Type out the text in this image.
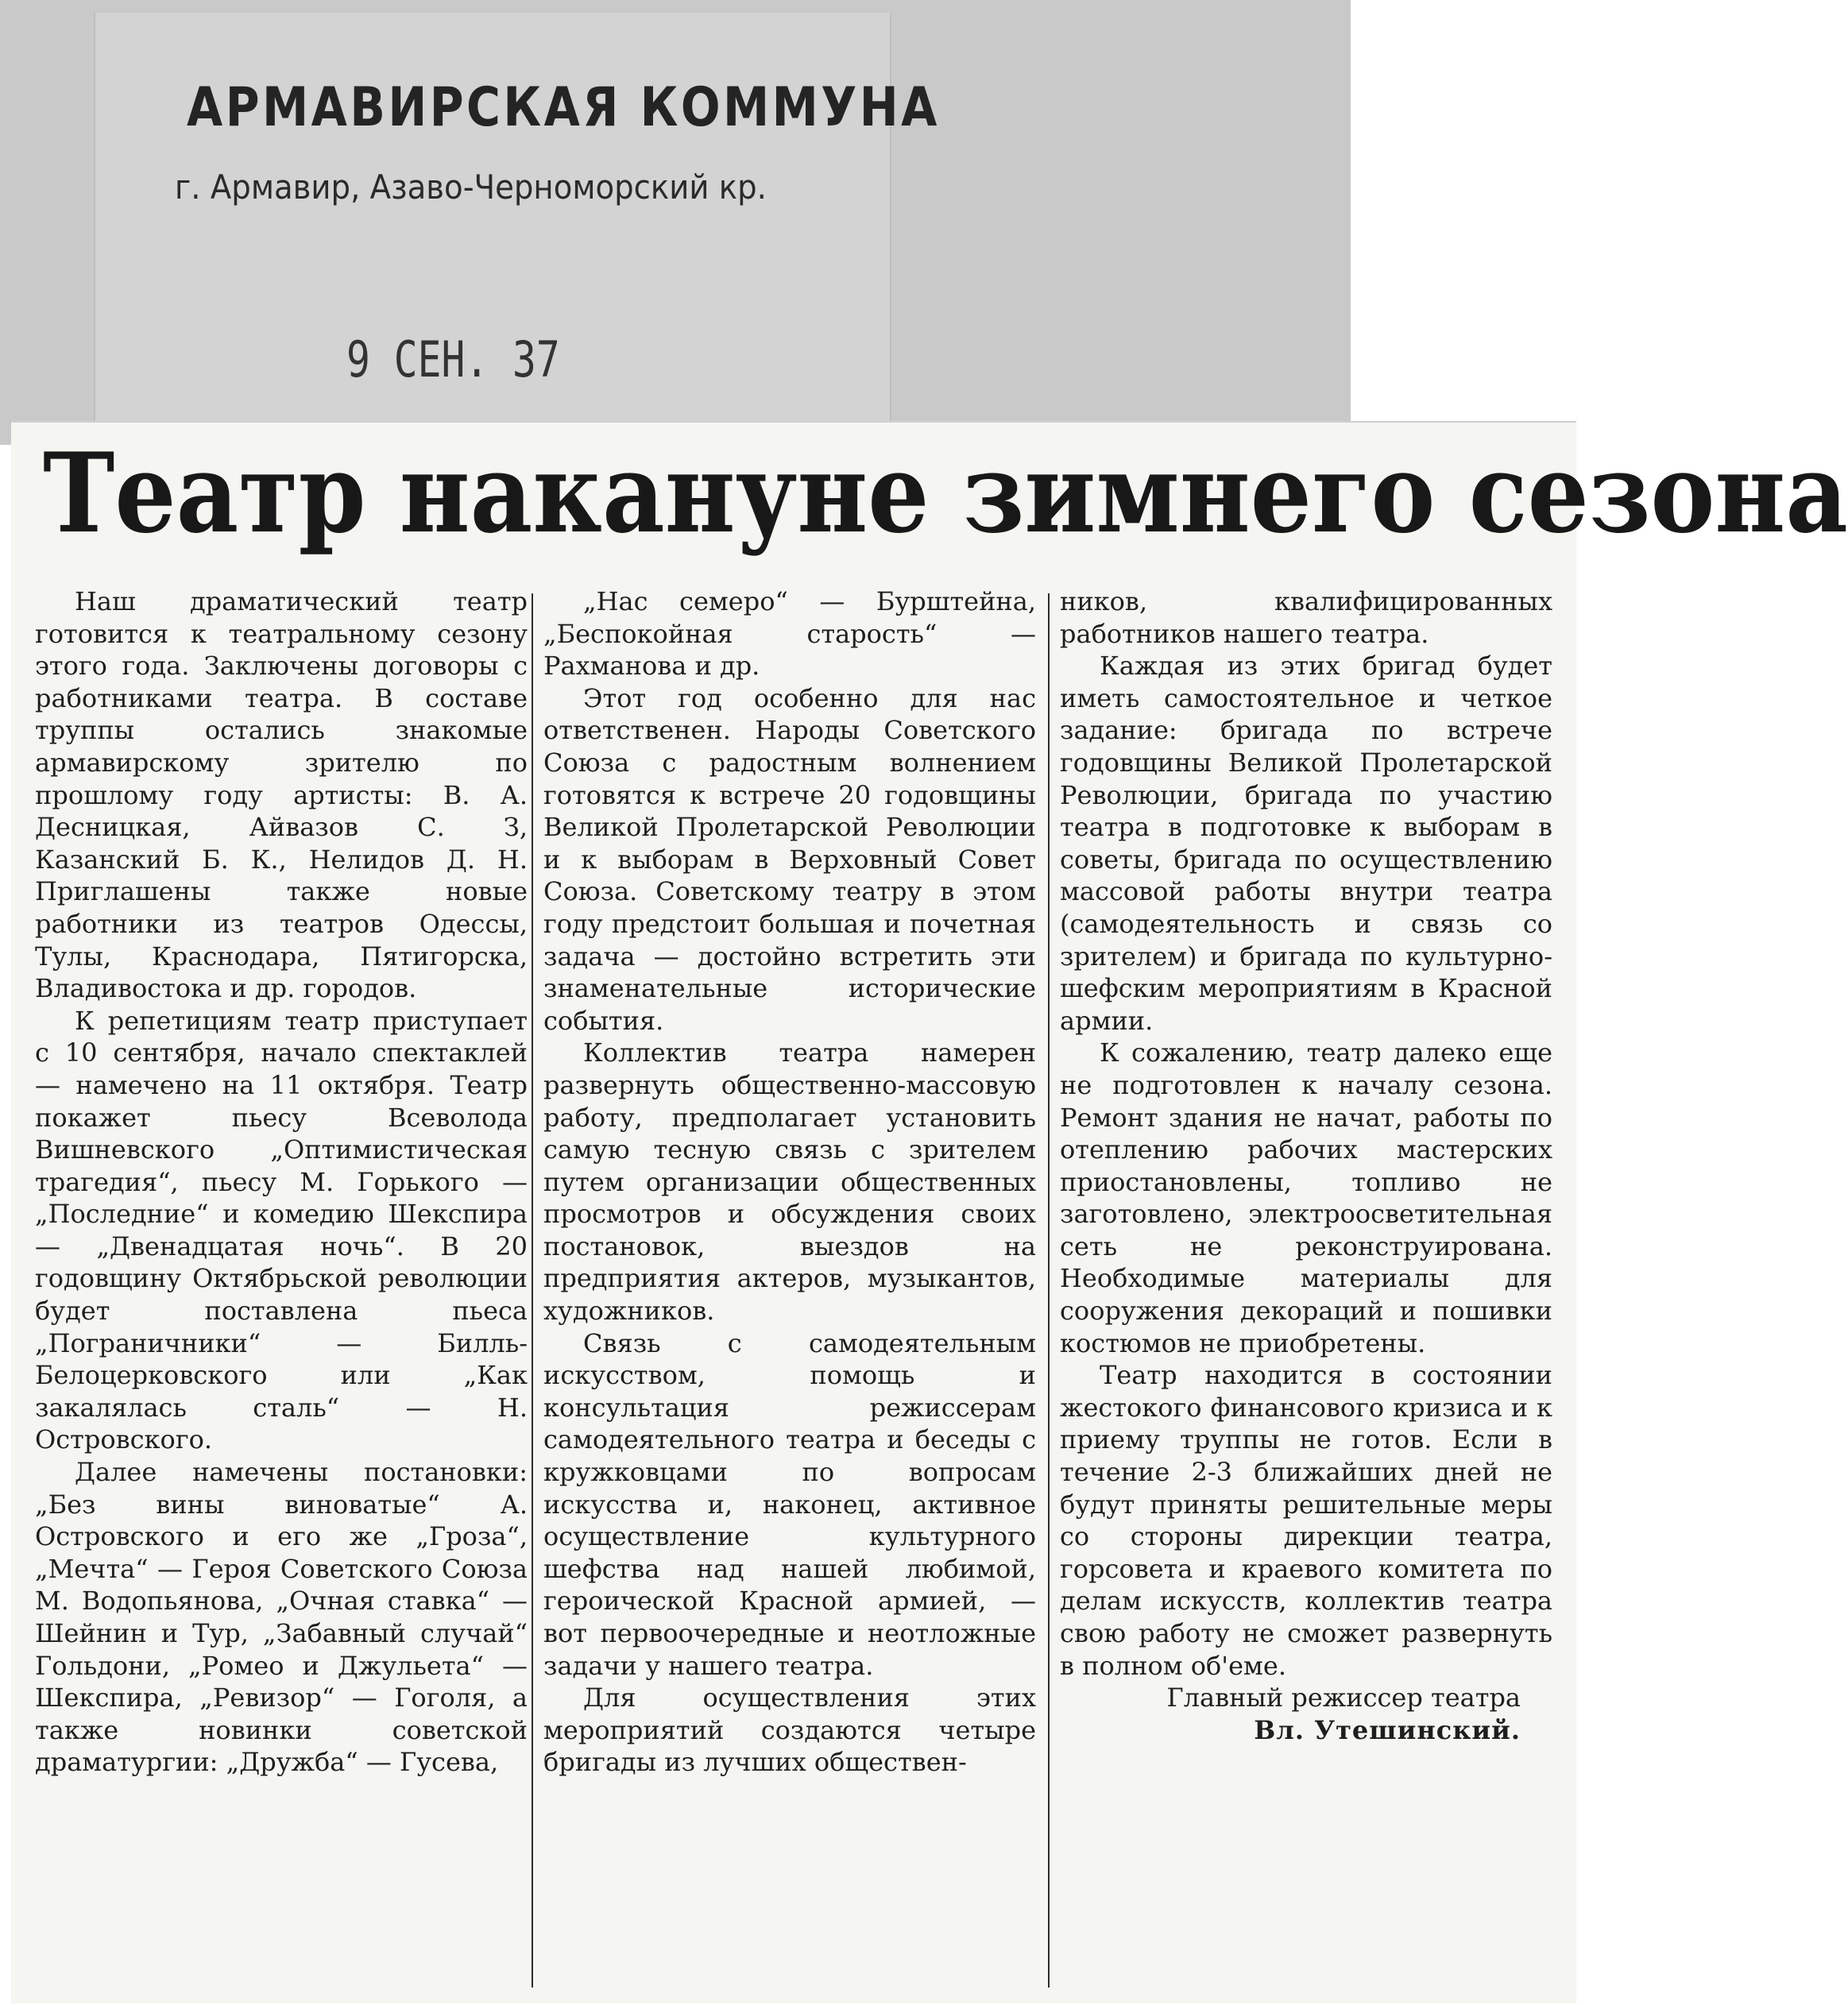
АРМАВИРСКАЯ КОММУНА
г. Армавир, Азаво-Черноморский кр.
9 СЕН. 37
Театр накануне зимнего сезона

Наш драматический театр готовится к театральному сезону этого года. Заключены договоры с работниками театра. В составе труппы остались знакомые армавирскому зрителю по прошлому году артисты: В. А. Десницкая, Айвазов С. З, Казанский Б. К., Нелидов Д. Н. Приглашены также новые работники из театров Одессы, Тулы, Краснодара, Пятигорска, Владивостока и др. городов.

К репетициям театр приступает с 10 сентября, начало спектаклей — намечено на 11 октября. Театр покажет пьесу Всеволода Вишневского „Оптимистическая трагедия“, пьесу М. Горького — „Последние“ и комедию Шекспира — „Двенадцатая ночь“. В 20 годовщину Октябрьской революции будет поставлена пьеса „Пограничники“ — Билль-Белоцерковского или „Как закалялась сталь“ — Н. Островского.

Далее намечены постановки: „Без вины виноватые“ А. Островского и его же „Гроза“, „Мечта“ — Героя Советского Союза М. Водопьянова, „Очная ставка“ — Шейнин и Тур, „Забавный случай“ Гольдони, „Ромео и Джульета“ — Шекспира, „Ревизор“ — Гоголя, а также новинки советской драматургии: „Дружба“ — Гусева,

„Нас семеро“ — Бурштейна, „Беспокойная старость“ — Рахманова и др.

Этот год особенно для нас ответственен. Народы Советского Союза с радостным волнением готовятся к встрече 20 годовщины Великой Пролетарской Революции и к выборам в Верховный Совет Союза. Советскому театру в этом году предстоит большая и почетная задача — достойно встретить эти знаменательные исторические события.

Коллектив театра намерен развернуть общественно-массовую работу, предполагает установить самую тесную связь с зрителем путем организации общественных просмотров и обсуждения своих постановок, выездов на предприятия актеров, музыкантов, художников.

Связь с самодеятельным искусством, помощь и консультация режиссерам самодеятельного театра и беседы с кружковцами по вопросам искусства и, наконец, активное осуществление культурного шефства над нашей любимой, героической Красной армией, — вот первоочередные и неотложные задачи у нашего театра.

Для осуществления этих мероприятий создаются четыре бригады из лучших обществен-

ников, квалифицированных работников нашего театра.

Каждая из этих бригад будет иметь самостоятельное и четкое задание: бригада по встрече годовщины Великой Пролетарской Революции, бригада по участию театра в подготовке к выборам в советы, бригада по осуществлению массовой работы внутри театра (самодеятельность и связь со зрителем) и бригада по культурно-шефским мероприятиям в Красной армии.

К сожалению, театр далеко еще не подготовлен к началу сезона. Ремонт здания не начат, работы по отеплению рабочих мастерских приостановлены, топливо не заготовлено, электроосветительная сеть не реконструирована. Необходимые материалы для сооружения декораций и пошивки костюмов не приобретены.

Театр находится в состоянии жестокого финансового кризиса и к приему труппы не готов. Если в течение 2-3 ближайших дней не будут приняты решительные меры со стороны дирекции театра, горсовета и краевого комитета по делам искусств, коллектив театра свою работу не сможет развернуть в полном об'еме.

Главный режиссер театра

Вл. Утешинский.
